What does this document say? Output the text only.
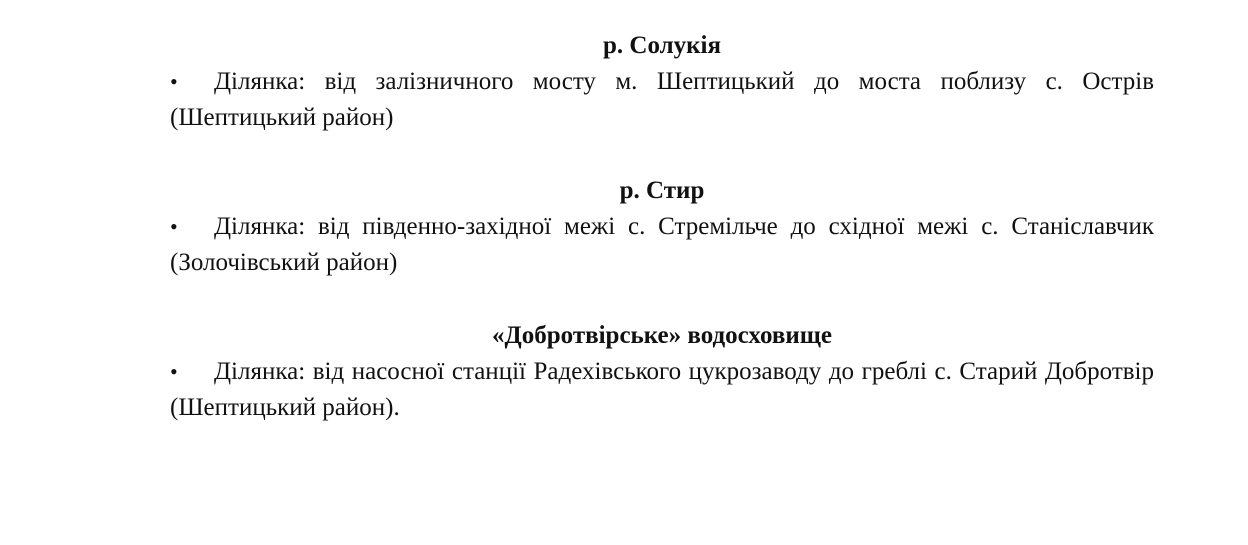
р. Солукія

• Ділянка: від залізничного мосту м. Шептицький до моста поблизу с. Острів (Шептицький район)

р. Стир

• Ділянка: від південно-західної межі с. Стремільче до східної межі с. Станіславчик (Золочівський район)

«Добротвірське» водосховище

• Ділянка: від насосної станції Радехівського цукрозаводу до греблі с. Старий Добротвір (Шептицький район).
